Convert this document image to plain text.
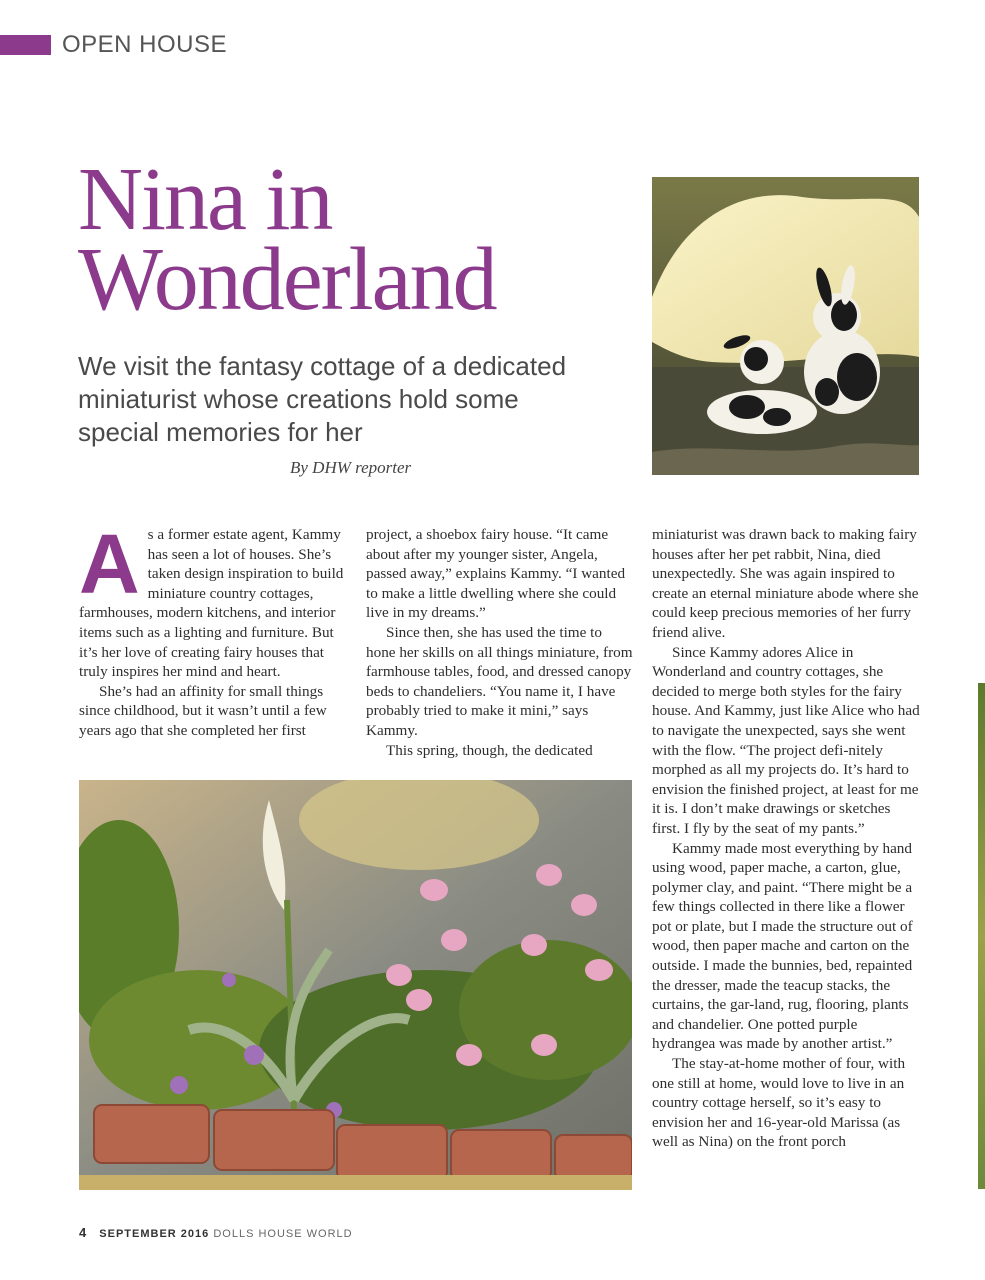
OPEN HOUSE
Nina in
Wonderland
We visit the fantasy cottage of a dedicated miniaturist whose creations hold some special memories for her
By DHW reporter
A s a former estate agent, Kammy has seen a lot of houses. She’s taken design inspiration to build miniature country cottages, farmhouses, modern kitchens, and interior items such as a lighting and furniture. But it’s her love of creating fairy houses that truly inspires her mind and heart.

She’s had an affinity for small things since childhood, but it wasn’t until a few years ago that she completed her first

project, a shoebox fairy house. “It came about after my younger sister, Angela, passed away,” explains Kammy. “I wanted to make a little dwelling where she could live in my dreams.”

Since then, she has used the time to hone her skills on all things miniature, from farmhouse tables, food, and dressed canopy beds to chandeliers. “You name it, I have probably tried to make it mini,” says Kammy.

This spring, though, the dedicated

miniaturist was drawn back to making fairy houses after her pet rabbit, Nina, died unexpectedly. She was again inspired to create an eternal miniature abode where she could keep precious memories of her furry friend alive.

Since Kammy adores Alice in Wonderland and country cottages, she decided to merge both styles for the fairy house. And Kammy, just like Alice who had to navigate the unexpected, says she went with the flow. “The project defi-nitely morphed as all my projects do. It’s hard to envision the finished project, at least for me it is. I don’t make drawings or sketches first. I fly by the seat of my pants.”

Kammy made most everything by hand using wood, paper mache, a carton, glue, polymer clay, and paint. “There might be a few things collected in there like a flower pot or plate, but I made the structure out of wood, then paper mache and carton on the outside. I made the bunnies, bed, repainted the dresser, made the teacup stacks, the curtains, the gar-land, rug, flooring, plants and chandelier. One potted purple hydrangea was made by another artist.”

The stay-at-home mother of four, with one still at home, would love to live in an country cottage herself, so it’s easy to envision her and 16-year-old Marissa (as well as Nina) on the front porch

4 SEPTEMBER 2016 DOLLS HOUSE WORLD
